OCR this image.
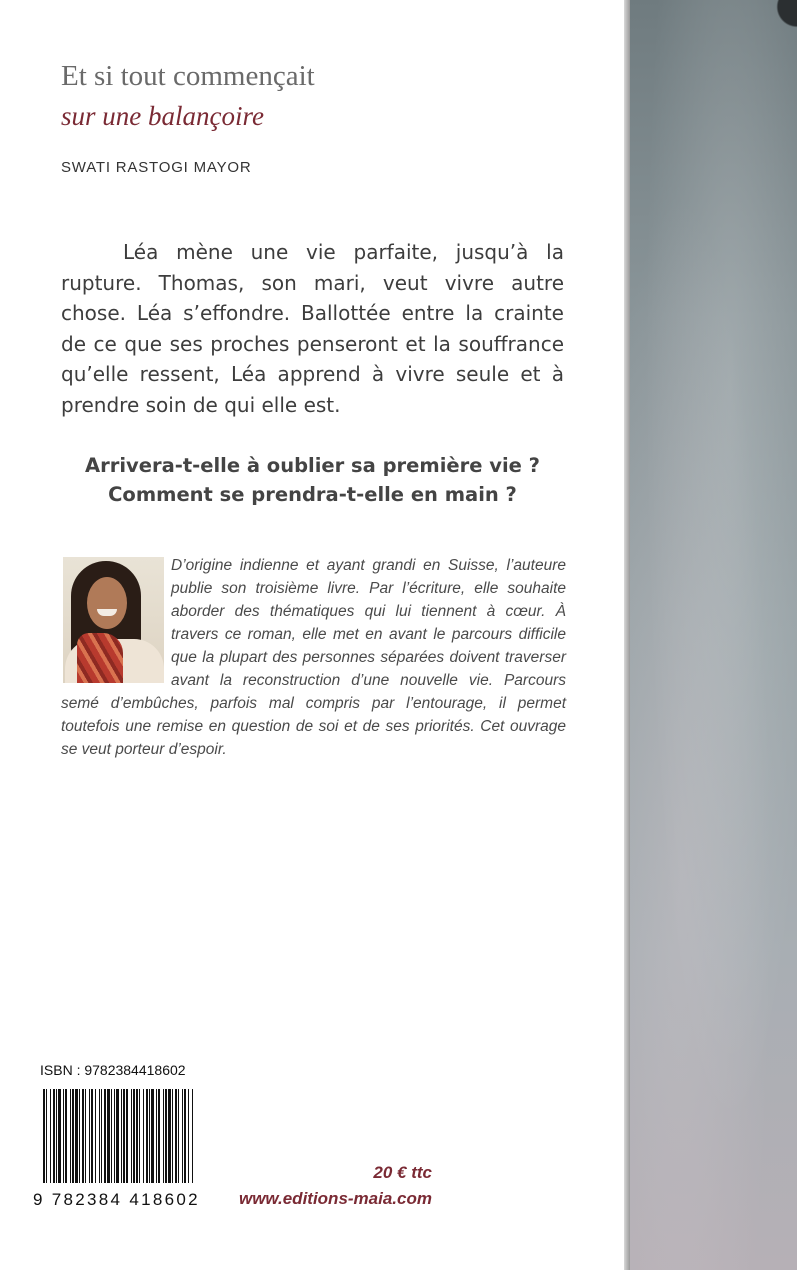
Et si tout commençait
sur une balançoire
SWATI RASTOGI MAYOR
Léa mène une vie parfaite, jusqu’à la rupture. Thomas, son mari, veut vivre autre chose. Léa s’effondre. Ballottée entre la crainte de ce que ses proches penseront et la souffrance qu’elle ressent, Léa apprend à vivre seule et à prendre soin de qui elle est.
Arrivera-t-elle à oublier sa première vie ?
Comment se prendra-t-elle en main ?
D’origine indienne et ayant grandi en Suisse, l’auteure publie son troisième livre. Par l’écriture, elle souhaite aborder des thématiques qui lui tiennent à cœur. À travers ce roman, elle met en avant le parcours difficile que la plupart des personnes séparées doivent traverser avant la reconstruction d’une nouvelle vie. Parcours semé d’embûches, parfois mal compris par l’entourage, il permet toutefois une remise en question de soi et de ses priorités. Cet ouvrage se veut porteur d’espoir.
ISBN : 9782384418602
9 782384 418602
20 € ttc
www.editions-maia.com
